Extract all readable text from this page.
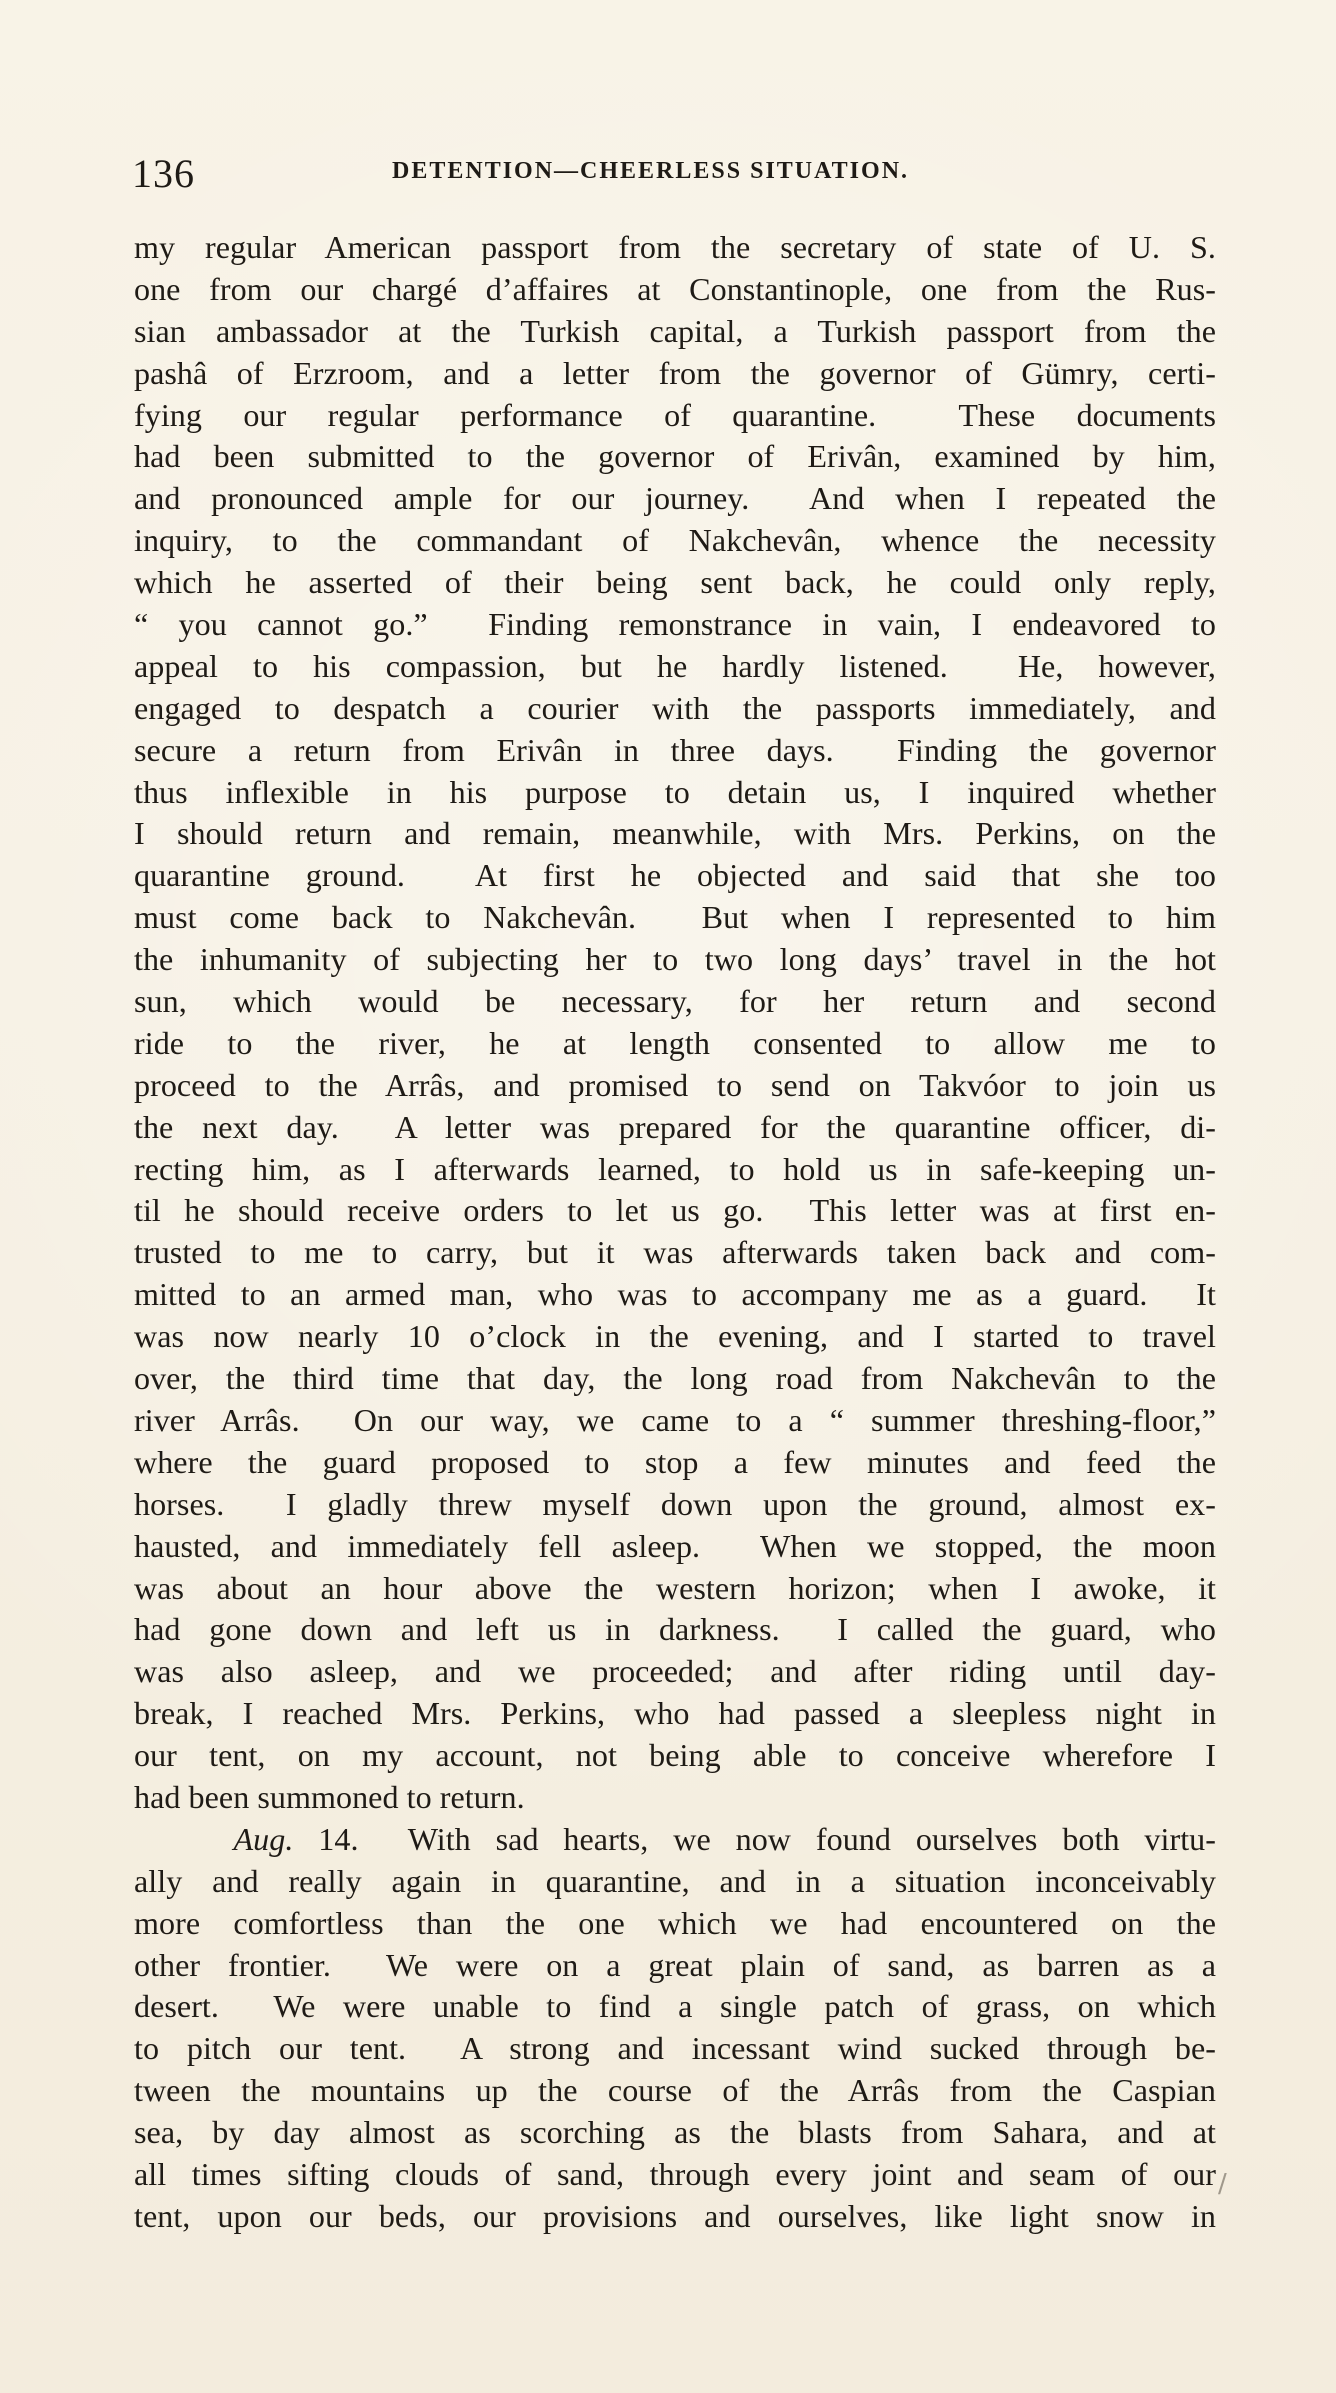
136	DETENTION—CHEERLESS SITUATION.
my regular American passport from the secretary of state of U. S.
one from our chargé d’affaires at Constantinople, one from the Rus-
sian ambassador at the Turkish capital, a Turkish passport from the
pashâ of Erzroom, and a letter from the governor of Gümry, certi-
fying our regular performance of quarantine.  These documents
had been submitted to the governor of Erivân, examined by him,
and pronounced ample for our journey.  And when I repeated the
inquiry, to the commandant of Nakchevân, whence the necessity
which he asserted of their being sent back, he could only reply,
“ you cannot go.”  Finding remonstrance in vain, I endeavored to
appeal to his compassion, but he hardly listened.  He, however,
engaged to despatch a courier with the passports immediately, and
secure a return from Erivân in three days.  Finding the governor
thus inflexible in his purpose to detain us, I inquired whether
I should return and remain, meanwhile, with Mrs. Perkins, on the
quarantine ground.  At first he objected and said that she too
must come back to Nakchevân.  But when I represented to him
the inhumanity of subjecting her to two long days’ travel in the hot
sun, which would be necessary, for her return and second
ride to the river, he at length consented to allow me to
proceed to the Arrâs, and promised to send on Takvóor to join us
the next day.  A letter was prepared for the quarantine officer, di-
recting him, as I afterwards learned, to hold us in safe-keeping un-
til he should receive orders to let us go.  This letter was at first en-
trusted to me to carry, but it was afterwards taken back and com-
mitted to an armed man, who was to accompany me as a guard.  It
was now nearly 10 o’clock in the evening, and I started to travel
over, the third time that day, the long road from Nakchevân to the
river Arrâs.  On our way, we came to a “ summer threshing-floor,”
where the guard proposed to stop a few minutes and feed the
horses.  I gladly threw myself down upon the ground, almost ex-
hausted, and immediately fell asleep.  When we stopped, the moon
was about an hour above the western horizon; when I awoke, it
had gone down and left us in darkness.  I called the guard, who
was also asleep, and we proceeded; and after riding until day-
break, I reached Mrs. Perkins, who had passed a sleepless night in
our tent, on my account, not being able to conceive wherefore I
had been summoned to return.
Aug. 14.  With sad hearts, we now found ourselves both virtu-
ally and really again in quarantine, and in a situation inconceivably
more comfortless than the one which we had encountered on the
other frontier.  We were on a great plain of sand, as barren as a
desert.  We were unable to find a single patch of grass, on which
to pitch our tent.  A strong and incessant wind sucked through be-
tween the mountains up the course of the Arrâs from the Caspian
sea, by day almost as scorching as the blasts from Sahara, and at
all times sifting clouds of sand, through every joint and seam of our
tent, upon our beds, our provisions and ourselves, like light snow in
/
